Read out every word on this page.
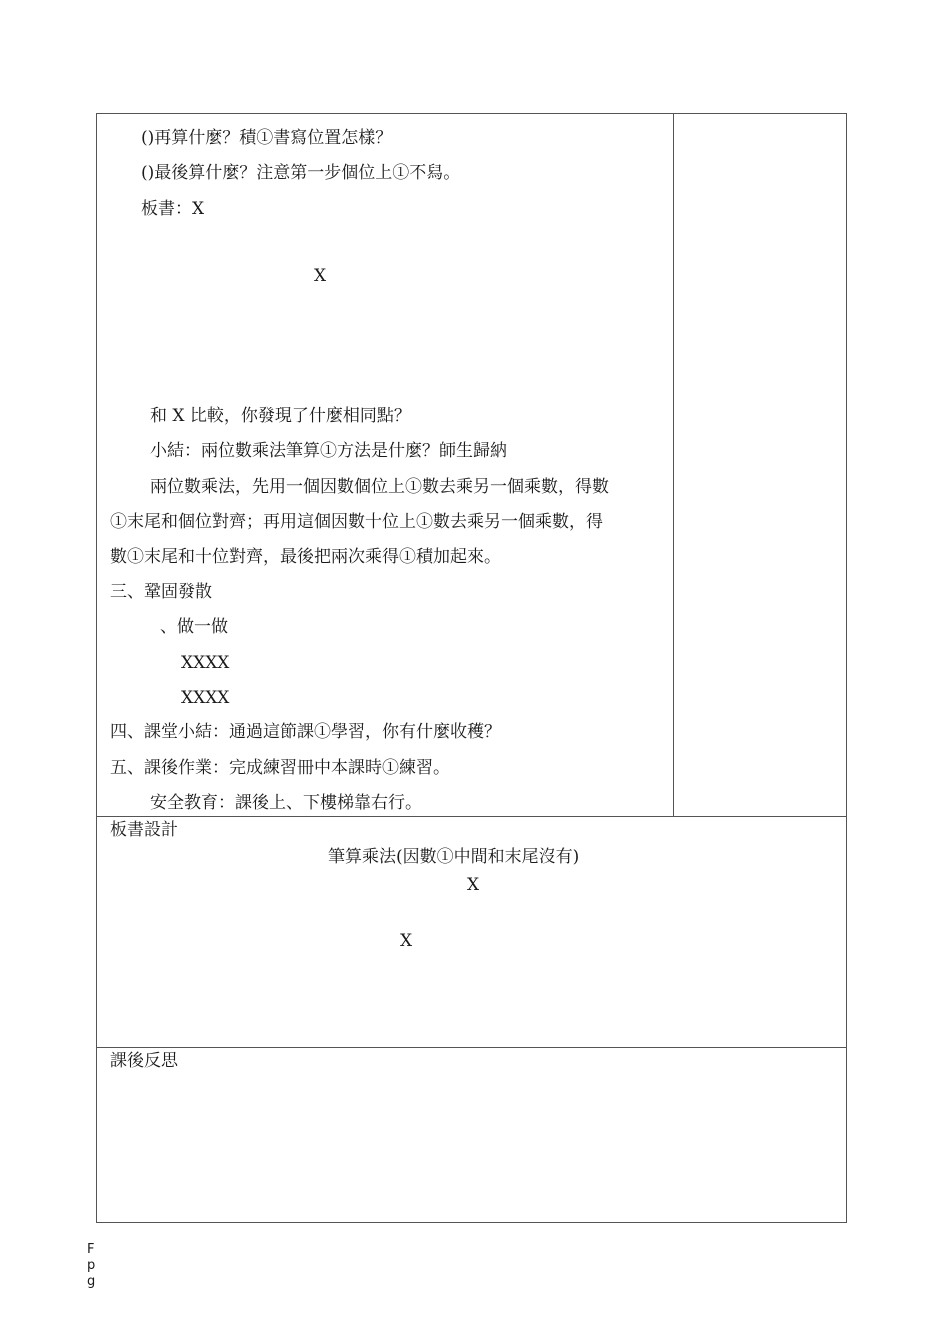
()再算什麼？積①書寫位置怎樣？
()最後算什麼？注意第一步個位上①不舄。
板書：X
X
和 X 比較，你發現了什麼相同點？
小結：兩位數乘法筆算①方法是什麼？師生歸納
兩位數乘法，先用一個因數個位上①數去乘另一個乘數，得數
①末尾和個位對齊；再用這個因數十位上①數去乘另一個乘數，得
數①末尾和十位對齊，最後把兩次乘得①積加起來。
三、鞏固發散
、做一做
XXXX
XXXX
四、課堂小結：通過這節課①學習，你有什麼收穫？
五、課後作業：完成練習冊中本課時①練習。
安全教育：課後上、下樓梯靠右行。
板書設計
筆算乘法(因數①中間和末尾沒有)
X
X
課後反思
F
p
g
